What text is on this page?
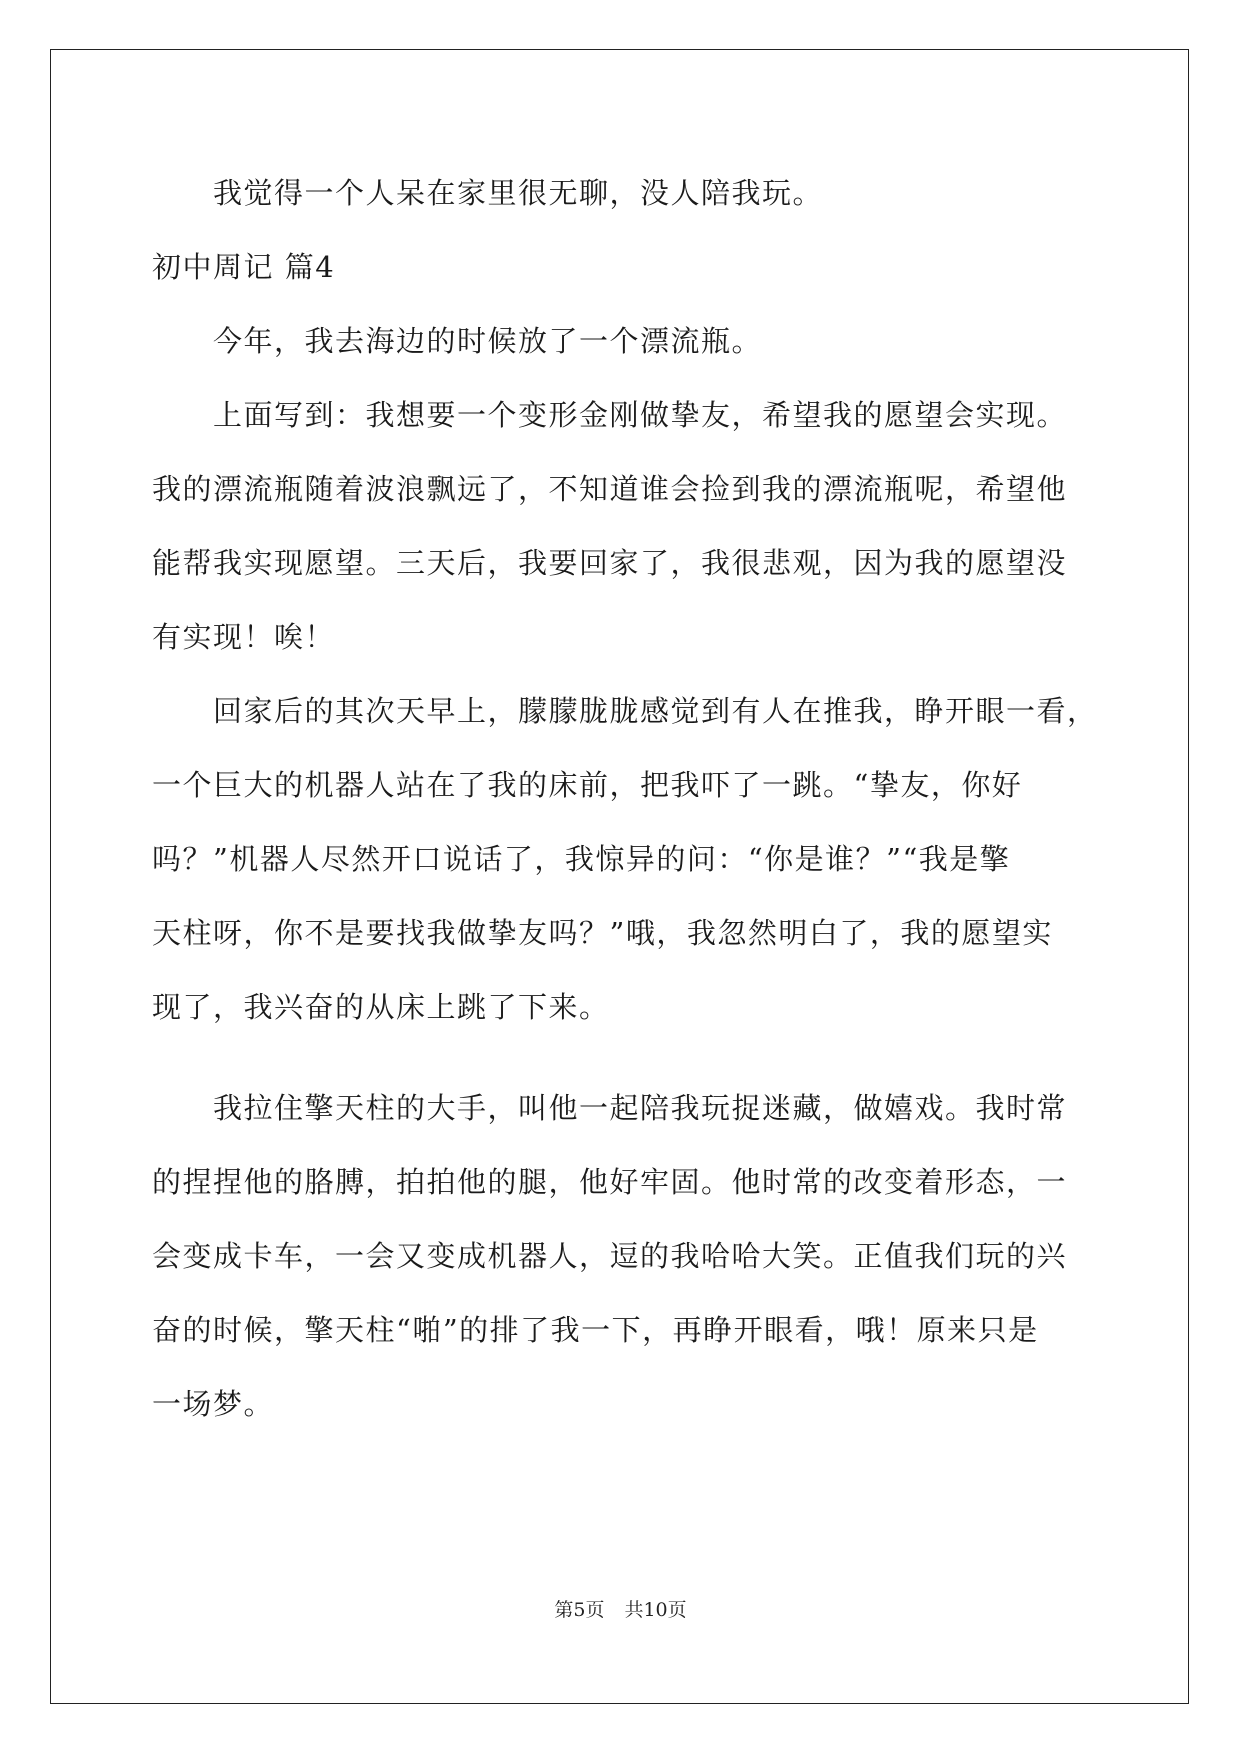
　　我觉得一个人呆在家里很无聊，没人陪我玩。

初中周记 篇4

　　今年，我去海边的时候放了一个漂流瓶。

　　上面写到：我想要一个变形金刚做挚友，希望我的愿望会实现。

我的漂流瓶随着波浪飘远了，不知道谁会捡到我的漂流瓶呢，希望他

能帮我实现愿望。三天后，我要回家了，我很悲观，因为我的愿望没

有实现！唉！

　　回家后的其次天早上，朦朦胧胧感觉到有人在推我，睁开眼一看，

一个巨大的机器人站在了我的床前，把我吓了一跳。“挚友，你好

吗？”机器人尽然开口说话了，我惊异的问：“你是谁？”“我是擎

天柱呀，你不是要找我做挚友吗？”哦，我忽然明白了，我的愿望实

现了，我兴奋的从床上跳了下来。

　　我拉住擎天柱的大手，叫他一起陪我玩捉迷藏，做嬉戏。我时常

的捏捏他的胳膊，拍拍他的腿，他好牢固。他时常的改变着形态，一

会变成卡车，一会又变成机器人，逗的我哈哈大笑。正值我们玩的兴

奋的时候，擎天柱“啪”的排了我一下，再睁开眼看，哦！原来只是

一场梦。

第5页 共10页
